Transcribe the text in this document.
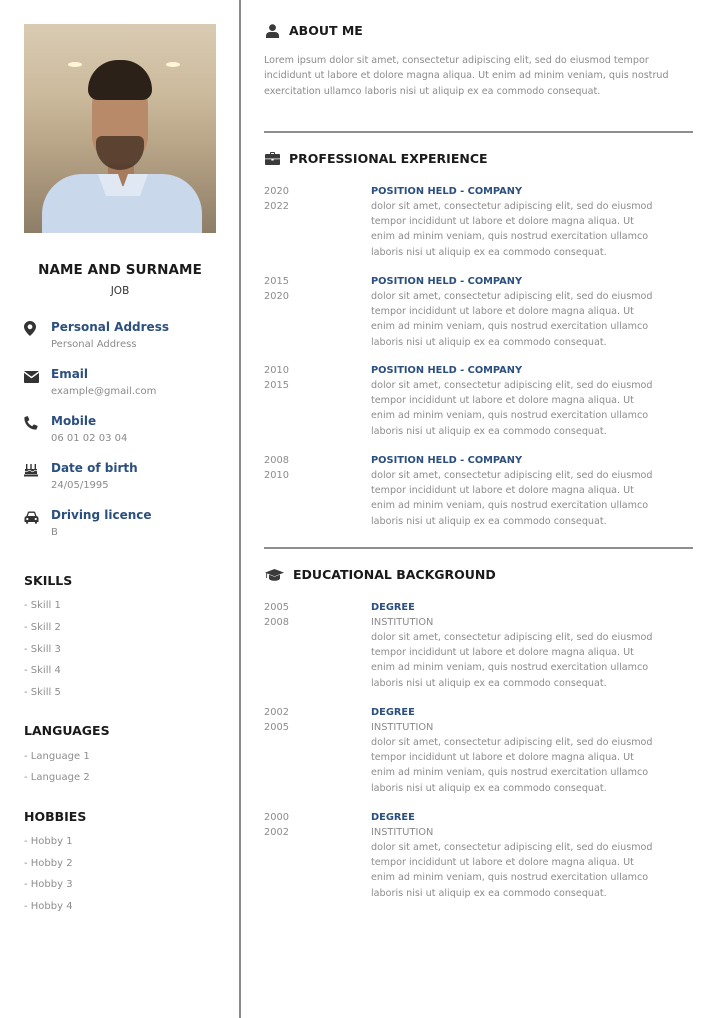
NAME AND SURNAME
JOB
Personal Address
Personal Address
Email
example@gmail.com
Mobile
06 01 02 03 04
Date of birth
24/05/1995
Driving licence
B
SKILLS
- Skill 1
- Skill 2
- Skill 3
- Skill 4
- Skill 5
LANGUAGES
- Language 1
- Language 2
HOBBIES
- Hobby 1
- Hobby 2
- Hobby 3
- Hobby 4
ABOUT ME
Lorem ipsum dolor sit amet, consectetur adipiscing elit, sed do eiusmod tempor incididunt ut labore et dolore magna aliqua. Ut enim ad minim veniam, quis nostrud exercitation ullamco laboris nisi ut aliquip ex ea commodo consequat.
PROFESSIONAL EXPERIENCE
2020
2022
POSITION HELD - COMPANY
dolor sit amet, consectetur adipiscing elit, sed do eiusmod
tempor incididunt ut labore et dolore magna aliqua. Ut
enim ad minim veniam, quis nostrud exercitation ullamco
laboris nisi ut aliquip ex ea commodo consequat.
2015
2020
POSITION HELD - COMPANY
dolor sit amet, consectetur adipiscing elit, sed do eiusmod
tempor incididunt ut labore et dolore magna aliqua. Ut
enim ad minim veniam, quis nostrud exercitation ullamco
laboris nisi ut aliquip ex ea commodo consequat.
2010
2015
POSITION HELD - COMPANY
dolor sit amet, consectetur adipiscing elit, sed do eiusmod
tempor incididunt ut labore et dolore magna aliqua. Ut
enim ad minim veniam, quis nostrud exercitation ullamco
laboris nisi ut aliquip ex ea commodo consequat.
2008
2010
POSITION HELD - COMPANY
dolor sit amet, consectetur adipiscing elit, sed do eiusmod
tempor incididunt ut labore et dolore magna aliqua. Ut
enim ad minim veniam, quis nostrud exercitation ullamco
laboris nisi ut aliquip ex ea commodo consequat.
EDUCATIONAL BACKGROUND
2005
2008
DEGREE
INSTITUTION
dolor sit amet, consectetur adipiscing elit, sed do eiusmod
tempor incididunt ut labore et dolore magna aliqua. Ut
enim ad minim veniam, quis nostrud exercitation ullamco
laboris nisi ut aliquip ex ea commodo consequat.
2002
2005
DEGREE
INSTITUTION
dolor sit amet, consectetur adipiscing elit, sed do eiusmod
tempor incididunt ut labore et dolore magna aliqua. Ut
enim ad minim veniam, quis nostrud exercitation ullamco
laboris nisi ut aliquip ex ea commodo consequat.
2000
2002
DEGREE
INSTITUTION
dolor sit amet, consectetur adipiscing elit, sed do eiusmod
tempor incididunt ut labore et dolore magna aliqua. Ut
enim ad minim veniam, quis nostrud exercitation ullamco
laboris nisi ut aliquip ex ea commodo consequat.
